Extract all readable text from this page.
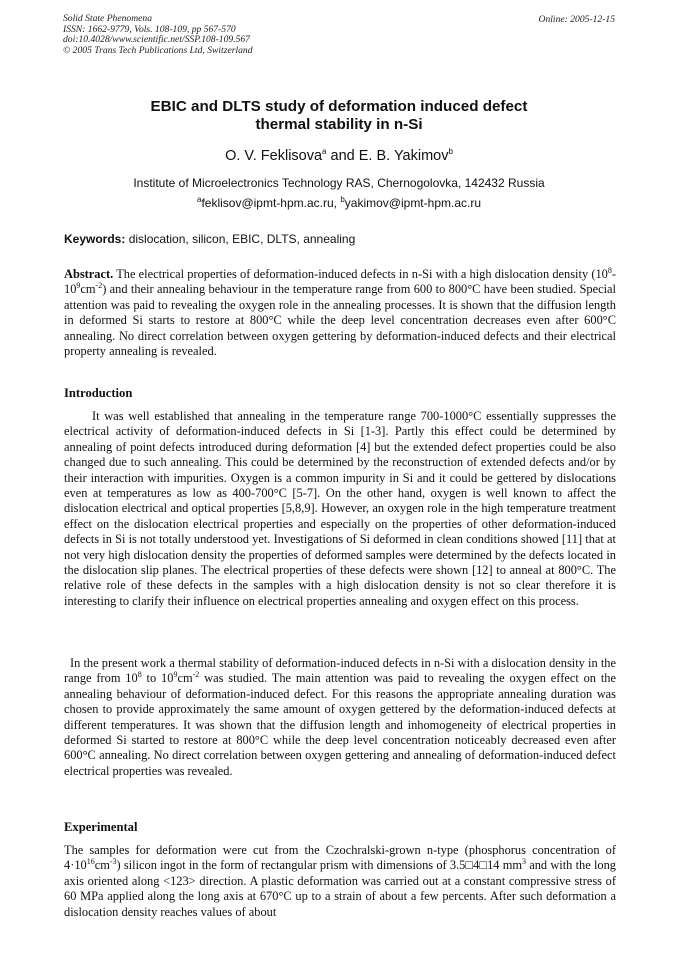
Solid State Phenomena
ISSN: 1662-9779, Vols. 108-109, pp 567-570
doi:10.4028/www.scientific.net/SSP.108-109.567
© 2005 Trans Tech Publications Ltd, Switzerland
Online: 2005-12-15
EBIC and DLTS study of deformation induced defect
thermal stability in n-Si
O. V. Feklisova$^a$ and E. B. Yakimov$^b$
Institute of Microelectronics Technology RAS, Chernogolovka, 142432 Russia
$^a$feklisov@ipmt-hpm.ac.ru, $^b$yakimov@ipmt-hpm.ac.ru
Keywords: dislocation, silicon, EBIC, DLTS, annealing

Abstract. The electrical properties of deformation-induced defects in n-Si with a high dislocation density $(10^8-10^9cm^{-2})$ and their annealing behaviour in the temperature range from 600 to 800°C have been studied. Special attention was paid to revealing the oxygen role in the annealing processes. It is shown that the diffusion length in deformed Si starts to restore at 800°C while the deep level concentration decreases even after 600°C annealing. No direct correlation between oxygen gettering by deformation-induced defects and their electrical property annealing is revealed.

Introduction

It was well established that annealing in the temperature range 700-1000°C essentially suppresses the electrical activity of deformation-induced defects in Si [1-3]. Partly this effect could be determined by annealing of point defects introduced during deformation [4] but the extended defect properties could be also changed due to such annealing. This could be determined by the reconstruction of extended defects and/or by their interaction with impurities. Oxygen is a common impurity in Si and it could be gettered by dislocations even at temperatures as low as 400-700°C [5-7]. On the other hand, oxygen is well known to affect the dislocation electrical and optical properties [5,8,9]. However, an oxygen role in the high temperature treatment effect on the dislocation electrical properties and especially on the properties of other deformation-induced defects in Si is not totally understood yet. Investigations of Si deformed in clean conditions showed [11] that at not very high dislocation density the properties of deformed samples were determined by the defects located in the dislocation slip planes. The electrical properties of these defects were shown [12] to anneal at 800°C. The relative role of these defects in the samples with a high dislocation density is not so clear therefore it is interesting to clarify their influence on electrical properties annealing and oxygen effect on this process.

In the present work a thermal stability of deformation-induced defects in n-Si with a dislocation density in the range from $10^8$ to $10^9cm^{-2}$ was studied. The main attention was paid to revealing the oxygen effect on the annealing behaviour of deformation-induced defect. For this reasons the appropriate annealing duration was chosen to provide approximately the same amount of oxygen gettered by the deformation-induced defects at different temperatures. It was shown that the diffusion length and inhomogeneity of electrical properties in deformed Si started to restore at 800°C while the deep level concentration noticeably decreased even after 600°C annealing. No direct correlation between oxygen gettering and annealing of deformation-induced defect electrical properties was revealed.

Experimental

The samples for deformation were cut from the Czochralski-grown n-type (phosphorus concentration of $4\cdot 10^{16}cm^{-3}$) silicon ingot in the form of rectangular prism with dimensions of 3.5□4□14 $mm^3$ and with the long axis oriented along <123> direction. A plastic deformation was carried out at a constant compressive stress of 60 MPa applied along the long axis at 670°C up to a strain of about a few percents. After such deformation a dislocation density reaches values of about
